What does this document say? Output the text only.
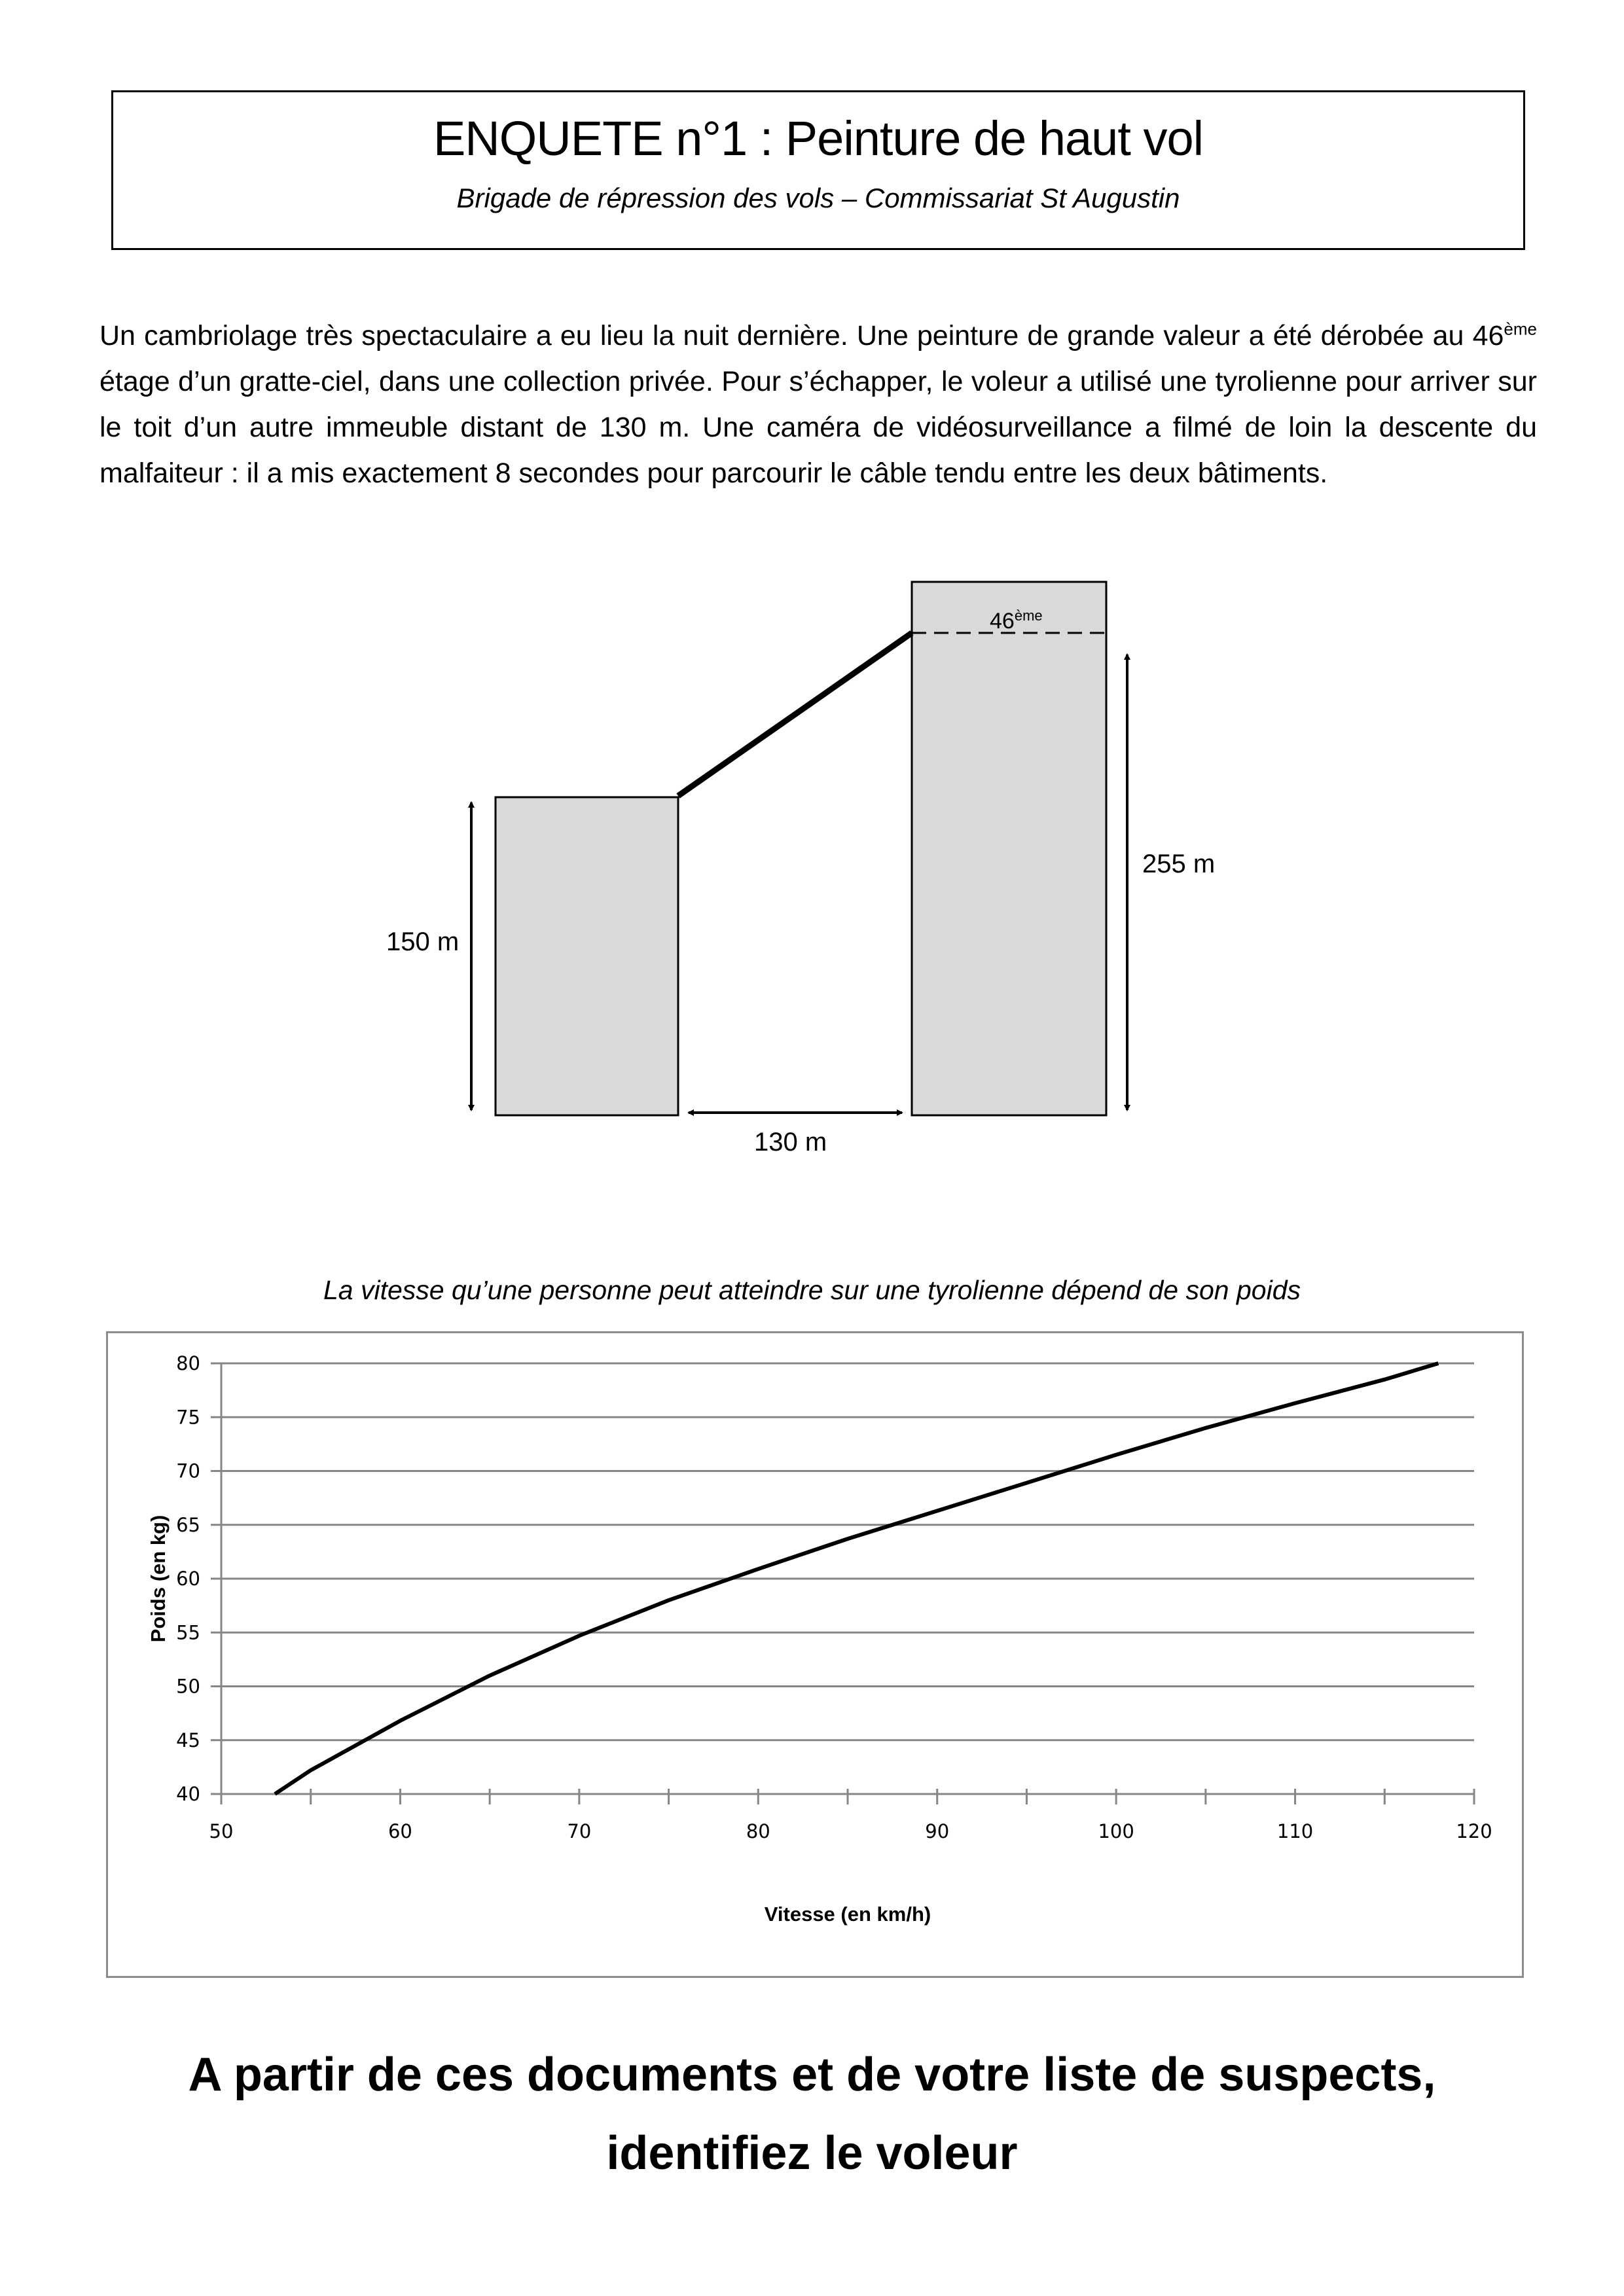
ENQUETE n°1 : Peinture de haut vol
Brigade de répression des vols – Commissariat St Augustin

Un cambriolage très spectaculaire a eu lieu la nuit dernière. Une peinture de grande valeur a été dérobée au 46ème étage d’un gratte-ciel, dans une collection privée. Pour s’échapper, le voleur a utilisé une tyrolienne pour arriver sur le toit d’un autre immeuble distant de 130 m. Une caméra de vidéosurveillance a filmé de loin la descente du malfaiteur : il a mis exactement 8 secondes pour parcourir le câble tendu entre les deux bâtiments.

150 m
255 m
130 m
46ème
La vitesse qu’une personne peut atteindre sur une tyrolienne dépend de son poids
40
45
50
55
60
65
70
75
80
50	60	70	80	90	100	110	120
Vitesse (en km/h)
Poids (en kg)
A partir de ces documents et de votre liste de suspects,
identifiez le voleur
